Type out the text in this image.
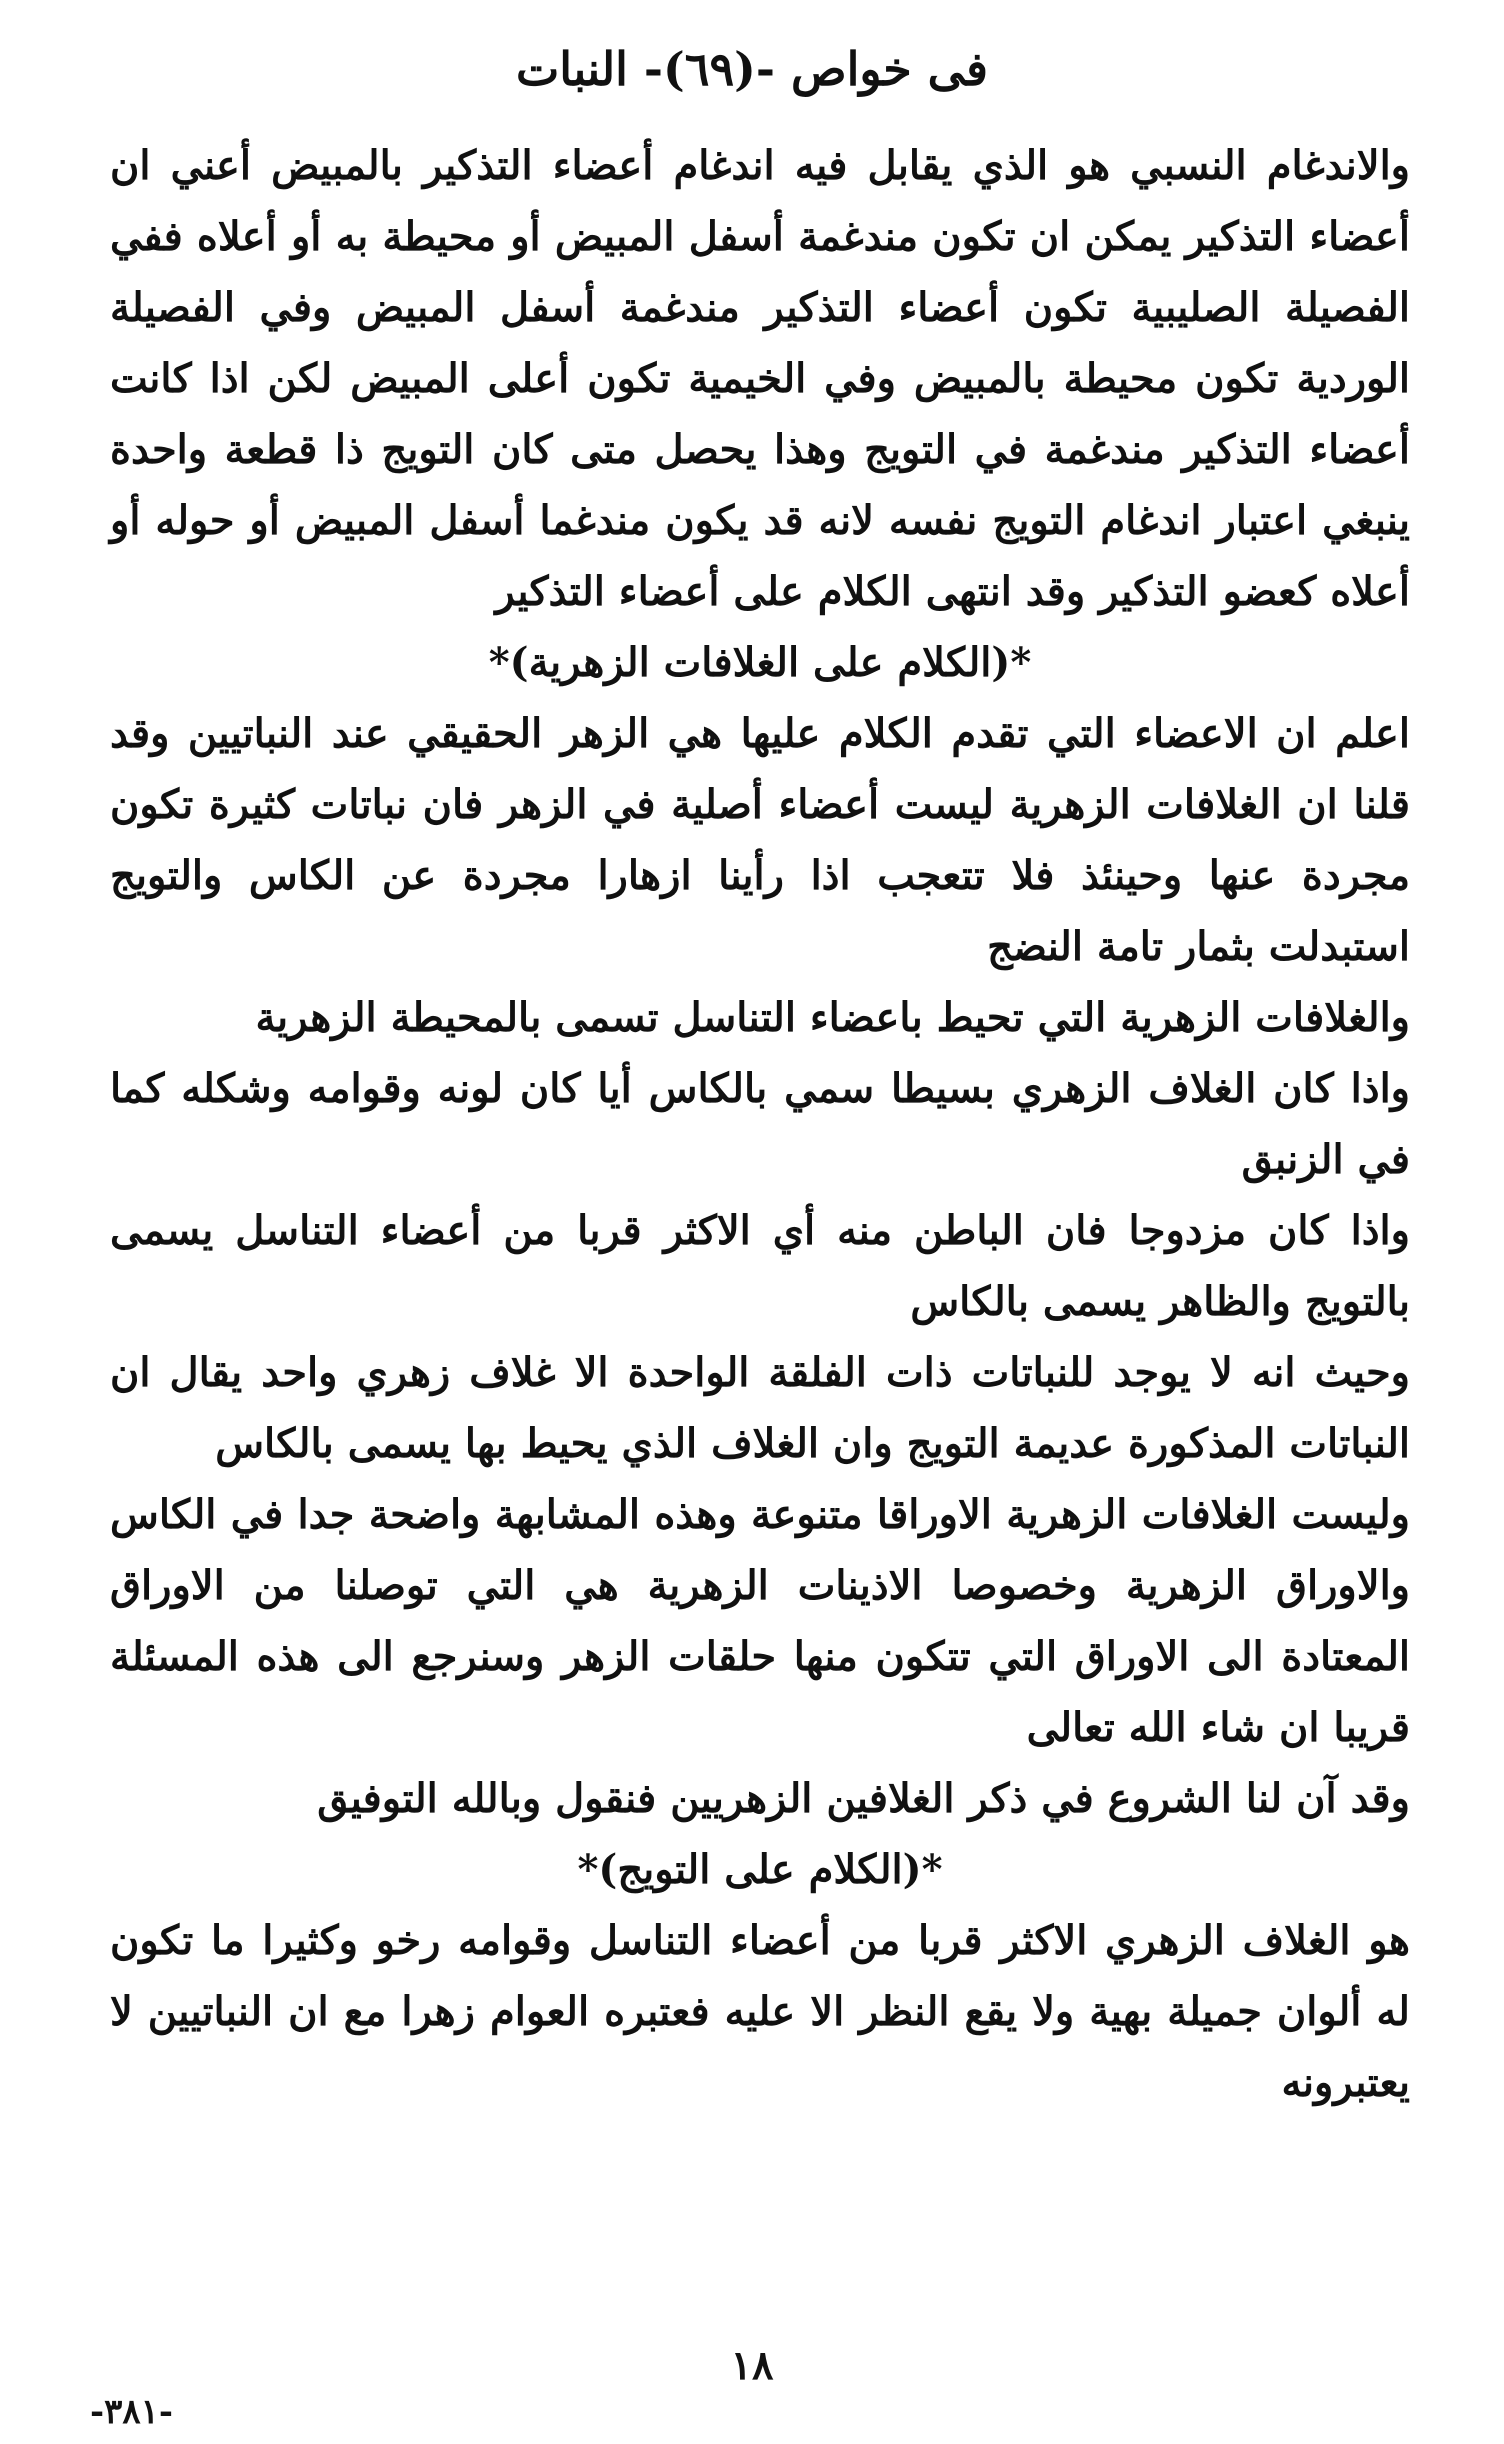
فى خواص -(٦٩)- النبات

والاندغام النسبي هو الذي يقابل فيه اندغام أعضاء التذكير بالمبيض أعني ان أعضاء التذكير يمكن ان تكون مندغمة أسفل المبيض أو محيطة به أو أعلاه ففي الفصيلة الصليبية تكون أعضاء التذكير مندغمة أسفل المبيض وفي الفصيلة الوردية تكون محيطة بالمبيض وفي الخيمية تكون أعلى المبيض لكن اذا كانت أعضاء التذكير مندغمة في التويج وهذا يحصل متى كان التويج ذا قطعة واحدة ينبغي اعتبار اندغام التويج نفسه لانه قد يكون مندغما أسفل المبيض أو حوله أو أعلاه كعضو التذكير وقد انتهى الكلام على أعضاء التذكير

*(الكلام على الغلافات الزهرية)*

اعلم ان الاعضاء التي تقدم الكلام عليها هي الزهر الحقيقي عند النباتيين وقد قلنا ان الغلافات الزهرية ليست أعضاء أصلية في الزهر فان نباتات كثيرة تكون مجردة عنها وحينئذ فلا تتعجب اذا رأينا ازهارا مجردة عن الكاس والتويج استبدلت بثمار تامة النضج

والغلافات الزهرية التي تحيط باعضاء التناسل تسمى بالمحيطة الزهرية

واذا كان الغلاف الزهري بسيطا سمي بالكاس أيا كان لونه وقوامه وشكله كما في الزنبق

واذا كان مزدوجا فان الباطن منه أي الاكثر قربا من أعضاء التناسل يسمى بالتويج والظاهر يسمى بالكاس

وحيث انه لا يوجد للنباتات ذات الفلقة الواحدة الا غلاف زهري واحد يقال ان النباتات المذكورة عديمة التويج وان الغلاف الذي يحيط بها يسمى بالكاس

وليست الغلافات الزهرية الاوراقا متنوعة وهذه المشابهة واضحة جدا في الكاس والاوراق الزهرية وخصوصا الاذينات الزهرية هي التي توصلنا من الاوراق المعتادة الى الاوراق التي تتكون منها حلقات الزهر وسنرجع الى هذه المسئلة قريبا ان شاء الله تعالى

وقد آن لنا الشروع في ذكر الغلافين الزهريين فنقول وبالله التوفيق

*(الكلام على التويج)*

هو الغلاف الزهري الاكثر قربا من أعضاء التناسل وقوامه رخو وكثيرا ما تكون له ألوان جميلة بهية ولا يقع النظر الا عليه فعتبره العوام زهرا مع ان النباتيين لا يعتبرونه

١٨
-٣٨١-
